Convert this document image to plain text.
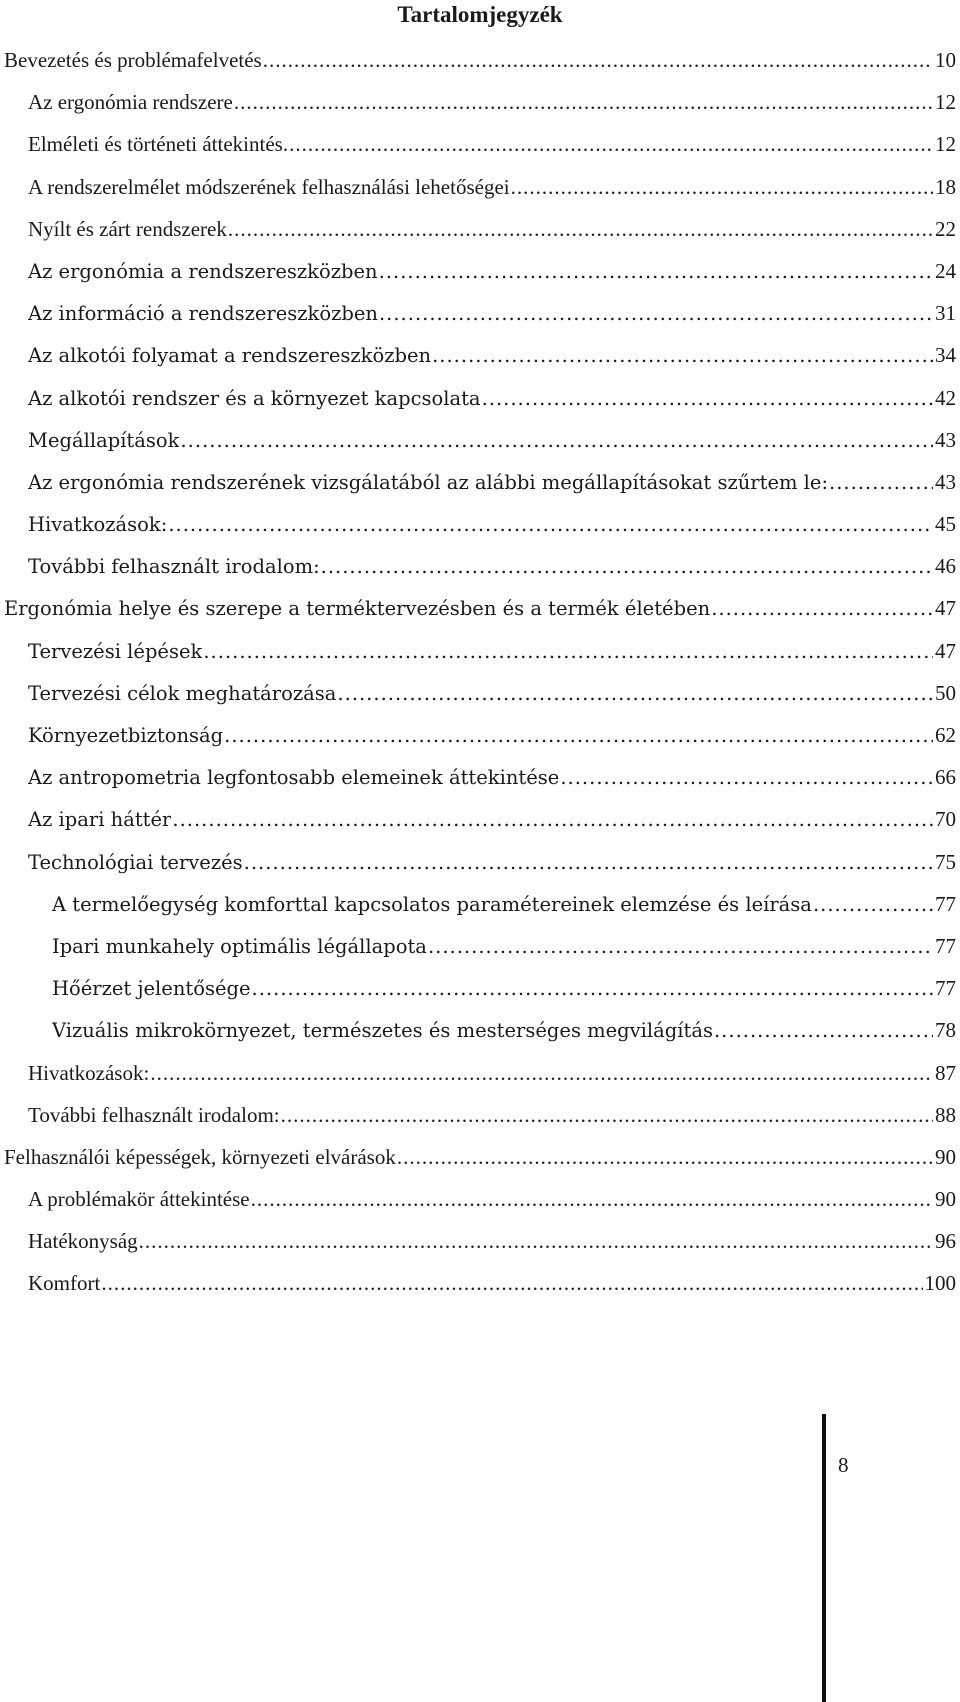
Tartalomjegyzék
Bevezetés és problémafelvetés .....	10
Az ergonómia rendszere .....	12
Elméleti és történeti áttekintés. .....	12
A rendszerelmélet módszerének felhasználási lehetőségei .....	18
Nyílt és zárt rendszerek .....	22
Az ergonómia a rendszereszközben .....	24
Az információ a rendszereszközben .....	31
Az alkotói folyamat a rendszereszközben .....	34
Az alkotói rendszer és a környezet kapcsolata .....	42
Megállapítások .....	43
Az ergonómia rendszerének vizsgálatából az alábbi megállapításokat szűrtem le: .....	43
Hivatkozások: .....	45
További felhasznált irodalom: .....	46
Ergonómia helye és szerepe a terméktervezésben és a termék életében .....	47
Tervezési lépések .....	47
Tervezési célok meghatározása .....	50
Környezetbiztonság .....	62
Az antropometria legfontosabb elemeinek áttekintése .....	66
Az ipari háttér .....	70
Technológiai tervezés .....	75
A termelőegység komforttal kapcsolatos paramétereinek elemzése és leírása .....	77
Ipari munkahely optimális légállapota .....	77
Hőérzet jelentősége .....	77
Vizuális mikrokörnyezet, természetes és mesterséges megvilágítás .....	78
Hivatkozások: .....	87
További felhasznált irodalom: .....	88
Felhasználói képességek, környezeti elvárások .....	90
A problémakör áttekintése .....	90
Hatékonyság .....	96
Komfort .....	100
8
